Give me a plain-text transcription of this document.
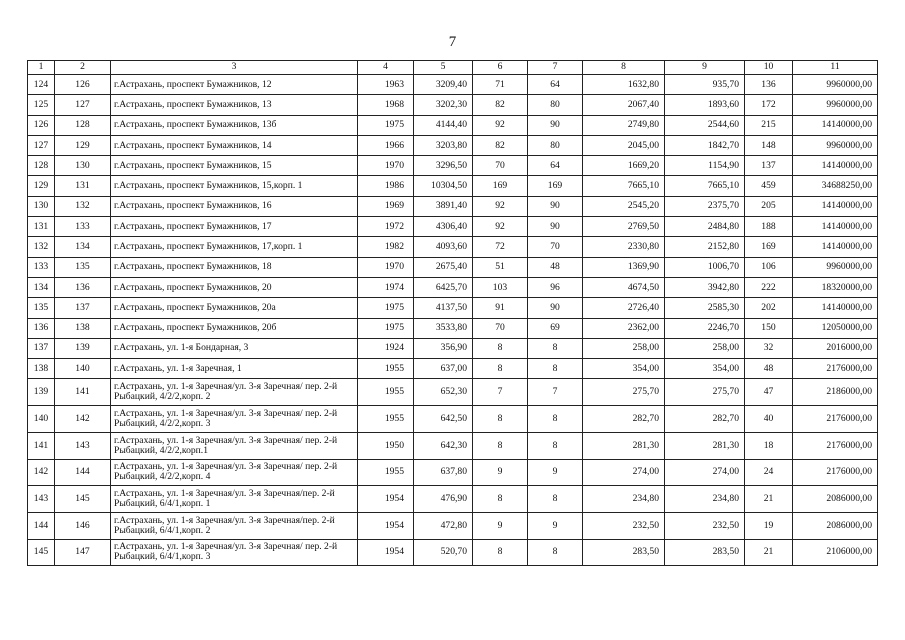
7
1	2	3	4	5	6	7	8	9	10	11
124	126	г.Астрахань, проспект Бумажников, 12	1963	3209,40	71	64	1632,80	935,70	136	9960000,00
125	127	г.Астрахань, проспект Бумажников, 13	1968	3202,30	82	80	2067,40	1893,60	172	9960000,00
126	128	г.Астрахань, проспект Бумажников, 13б	1975	4144,40	92	90	2749,80	2544,60	215	14140000,00
127	129	г.Астрахань, проспект Бумажников, 14	1966	3203,80	82	80	2045,00	1842,70	148	9960000,00
128	130	г.Астрахань, проспект Бумажников, 15	1970	3296,50	70	64	1669,20	1154,90	137	14140000,00
129	131	г.Астрахань, проспект Бумажников, 15,корп. 1	1986	10304,50	169	169	7665,10	7665,10	459	34688250,00
130	132	г.Астрахань, проспект Бумажников, 16	1969	3891,40	92	90	2545,20	2375,70	205	14140000,00
131	133	г.Астрахань, проспект Бумажников, 17	1972	4306,40	92	90	2769,50	2484,80	188	14140000,00
132	134	г.Астрахань, проспект Бумажников, 17,корп. 1	1982	4093,60	72	70	2330,80	2152,80	169	14140000,00
133	135	г.Астрахань, проспект Бумажников, 18	1970	2675,40	51	48	1369,90	1006,70	106	9960000,00
134	136	г.Астрахань, проспект Бумажников, 20	1974	6425,70	103	96	4674,50	3942,80	222	18320000,00
135	137	г.Астрахань, проспект Бумажников, 20а	1975	4137,50	91	90	2726,40	2585,30	202	14140000,00
136	138	г.Астрахань, проспект Бумажников, 20б	1975	3533,80	70	69	2362,00	2246,70	150	12050000,00
137	139	г.Астрахань, ул. 1-я Бондарная, 3	1924	356,90	8	8	258,00	258,00	32	2016000,00
138	140	г.Астрахань, ул. 1-я Заречная, 1	1955	637,00	8	8	354,00	354,00	48	2176000,00
139	141	г.Астрахань, ул. 1-я Заречная/ул. 3-я Заречная/ пер. 2-й Рыбацкий, 4/2/2,корп. 2	1955	652,30	7	7	275,70	275,70	47	2186000,00
140	142	г.Астрахань, ул. 1-я Заречная/ул. 3-я Заречная/ пер. 2-й Рыбацкий, 4/2/2,корп. 3	1955	642,50	8	8	282,70	282,70	40	2176000,00
141	143	г.Астрахань, ул. 1-я Заречная/ул. 3-я Заречная/ пер. 2-й Рыбацкий, 4/2/2,корп.1	1950	642,30	8	8	281,30	281,30	18	2176000,00
142	144	г.Астрахань, ул. 1-я Заречная/ул. 3-я Заречная/ пер. 2-й Рыбацкий, 4/2/2,корп. 4	1955	637,80	9	9	274,00	274,00	24	2176000,00
143	145	г.Астрахань, ул. 1-я Заречная/ул. 3-я Заречная/пер. 2-й Рыбацкий, 6/4/1,корп. 1	1954	476,90	8	8	234,80	234,80	21	2086000,00
144	146	г.Астрахань, ул. 1-я Заречная/ул. 3-я Заречная/пер. 2-й Рыбацкий, 6/4/1,корп. 2	1954	472,80	9	9	232,50	232,50	19	2086000,00
145	147	г.Астрахань, ул. 1-я Заречная/ул. 3-я Заречная/ пер. 2-й Рыбацкий, 6/4/1,корп. 3	1954	520,70	8	8	283,50	283,50	21	2106000,00
